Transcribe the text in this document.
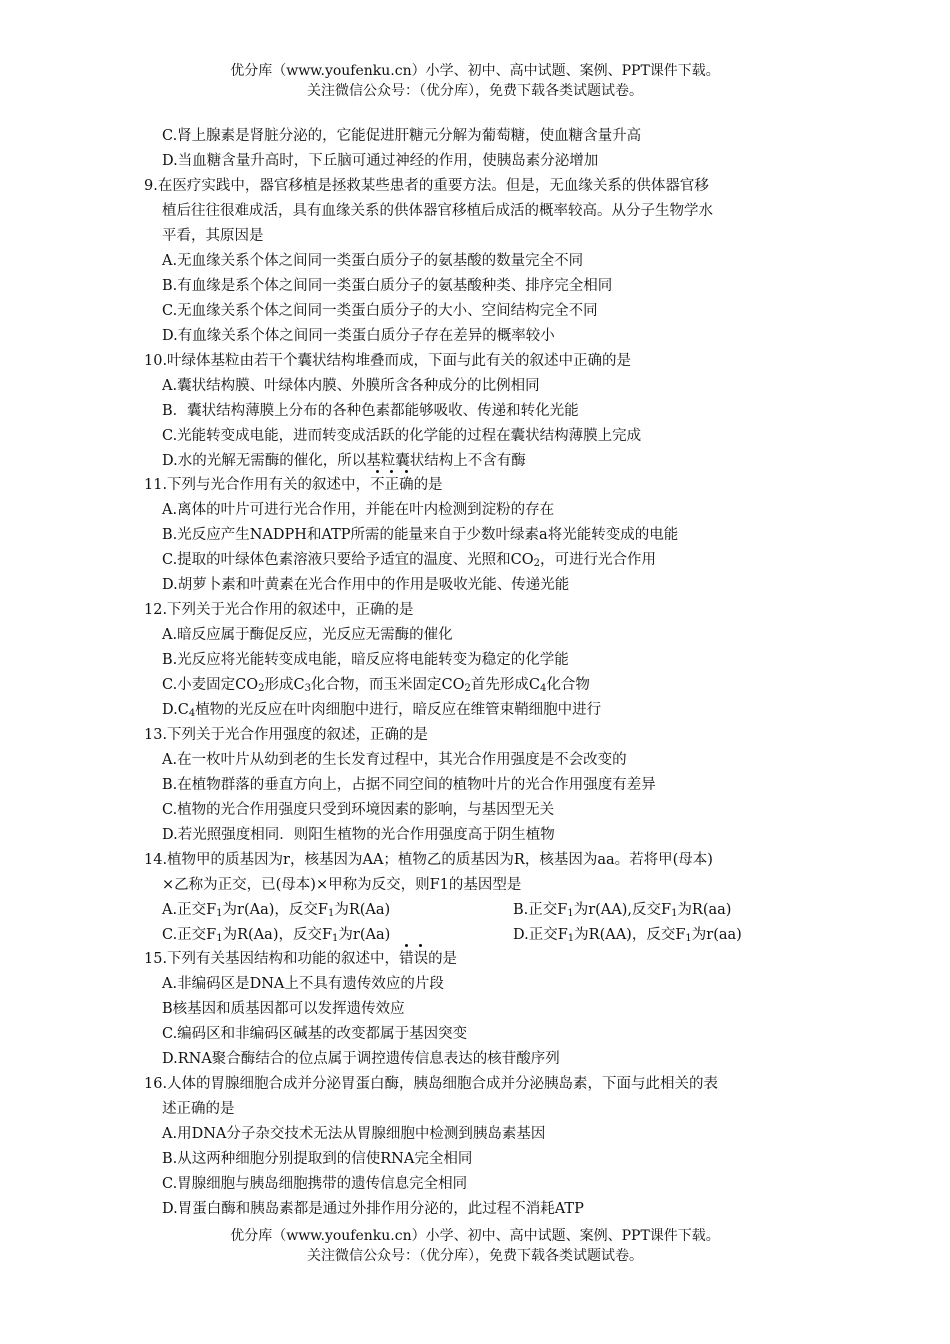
优分库（www.youfenku.cn）小学、初中、高中试题、案例、PPT课件下载。
关注微信公众号：（优分库），免费下载各类试题试卷。
C.肾上腺素是肾脏分泌的，它能促进肝糖元分解为葡萄糖，使血糖含量升高
D.当血糖含量升高时，下丘脑可通过神经的作用，使胰岛素分泌增加
9.在医疗实践中，器官移植是拯救某些患者的重要方法。但是，无血缘关系的供体器官移
植后往往很难成活，具有血缘关系的供体器官移植后成活的概率较高。从分子生物学水
平看，其原因是
A.无血缘关系个体之间同一类蛋白质分子的氨基酸的数量完全不同
B.有血缘是系个体之间同一类蛋白质分子的氨基酸种类、排序完全相同
C.无血缘关系个体之间同一类蛋白质分子的大小、空间结构完全不同
D.有血缘关系个体之间同一类蛋白质分子存在差异的概率较小
10.叶绿体基粒由若干个囊状结构堆叠而成，下面与此有关的叙述中正确的是
A.囊状结构膜、叶绿体内膜、外膜所含各种成分的比例相同
B．囊状结构薄膜上分布的各种色素都能够吸收、传递和转化光能
C.光能转变成电能，进而转变成活跃的化学能的过程在囊状结构薄膜上完成
D.水的光解无需酶的催化，所以基粒囊状结构上不含有酶
11.下列与光合作用有关的叙述中，不正确的是
A.离体的叶片可进行光合作用，并能在叶内检测到淀粉的存在
B.光反应产生NADPH和ATP所需的能量来自于少数叶绿素a将光能转变成的电能
C.提取的叶绿体色素溶液只要给予适宜的温度、光照和$CO_2$，可进行光合作用
D.胡萝卜素和叶黄素在光合作用中的作用是吸收光能、传递光能
12.下列关于光合作用的叙述中，正确的是
A.暗反应属于酶促反应，光反应无需酶的催化
B.光反应将光能转变成电能，暗反应将电能转变为稳定的化学能
C.小麦固定$CO_2$形成$C_3$化合物，而玉米固定$CO_2$首先形成$C_4$化合物
$D.C_4$植物的光反应在叶肉细胞中进行，暗反应在维管束鞘细胞中进行
13.下列关于光合作用强度的叙述，正确的是
A.在一枚叶片从幼到老的生长发育过程中，其光合作用强度是不会改变的
B.在植物群落的垂直方向上，占据不同空间的植物叶片的光合作用强度有差异
C.植物的光合作用强度只受到环境因素的影响，与基因型无关
D.若光照强度相同．则阳生植物的光合作用强度高于阴生植物
14.植物甲的质基因为r，核基因为AA；植物乙的质基因为R，核基因为aa。若将甲(母本)
×乙称为正交，已(母本)×甲称为反交，则F1的基因型是
A.正交$F_1$为r(Aa)，反交$F_1$为R(Aa)	B.正交$F_1$为r(AA),反交$F_1$为R(aa)
C.正交$F_1$为R(Aa)，反交$F_1$为r(Aa)	D.正交$F_1$为R(AA)，反交$F_1$为r(aa)
15.下列有关基因结构和功能的叙述中，错误的是
A.非编码区是DNA上不具有遗传效应的片段
B核基因和质基因都可以发挥遗传效应
C.编码区和非编码区碱基的改变都属于基因突变
D.RNA聚合酶结合的位点属于调控遗传信息表达的核苷酸序列
16.人体的胃腺细胞合成并分泌胃蛋白酶，胰岛细胞合成并分泌胰岛素，下面与此相关的表
述正确的是
A.用DNA分子杂交技术无法从胃腺细胞中检测到胰岛素基因
B.从这两种细胞分别提取到的信使RNA完全相同
C.胃腺细胞与胰岛细胞携带的遗传信息完全相同
D.胃蛋白酶和胰岛素都是通过外排作用分泌的，此过程不消耗ATP
优分库（www.youfenku.cn）小学、初中、高中试题、案例、PPT课件下载。
关注微信公众号：（优分库），免费下载各类试题试卷。
